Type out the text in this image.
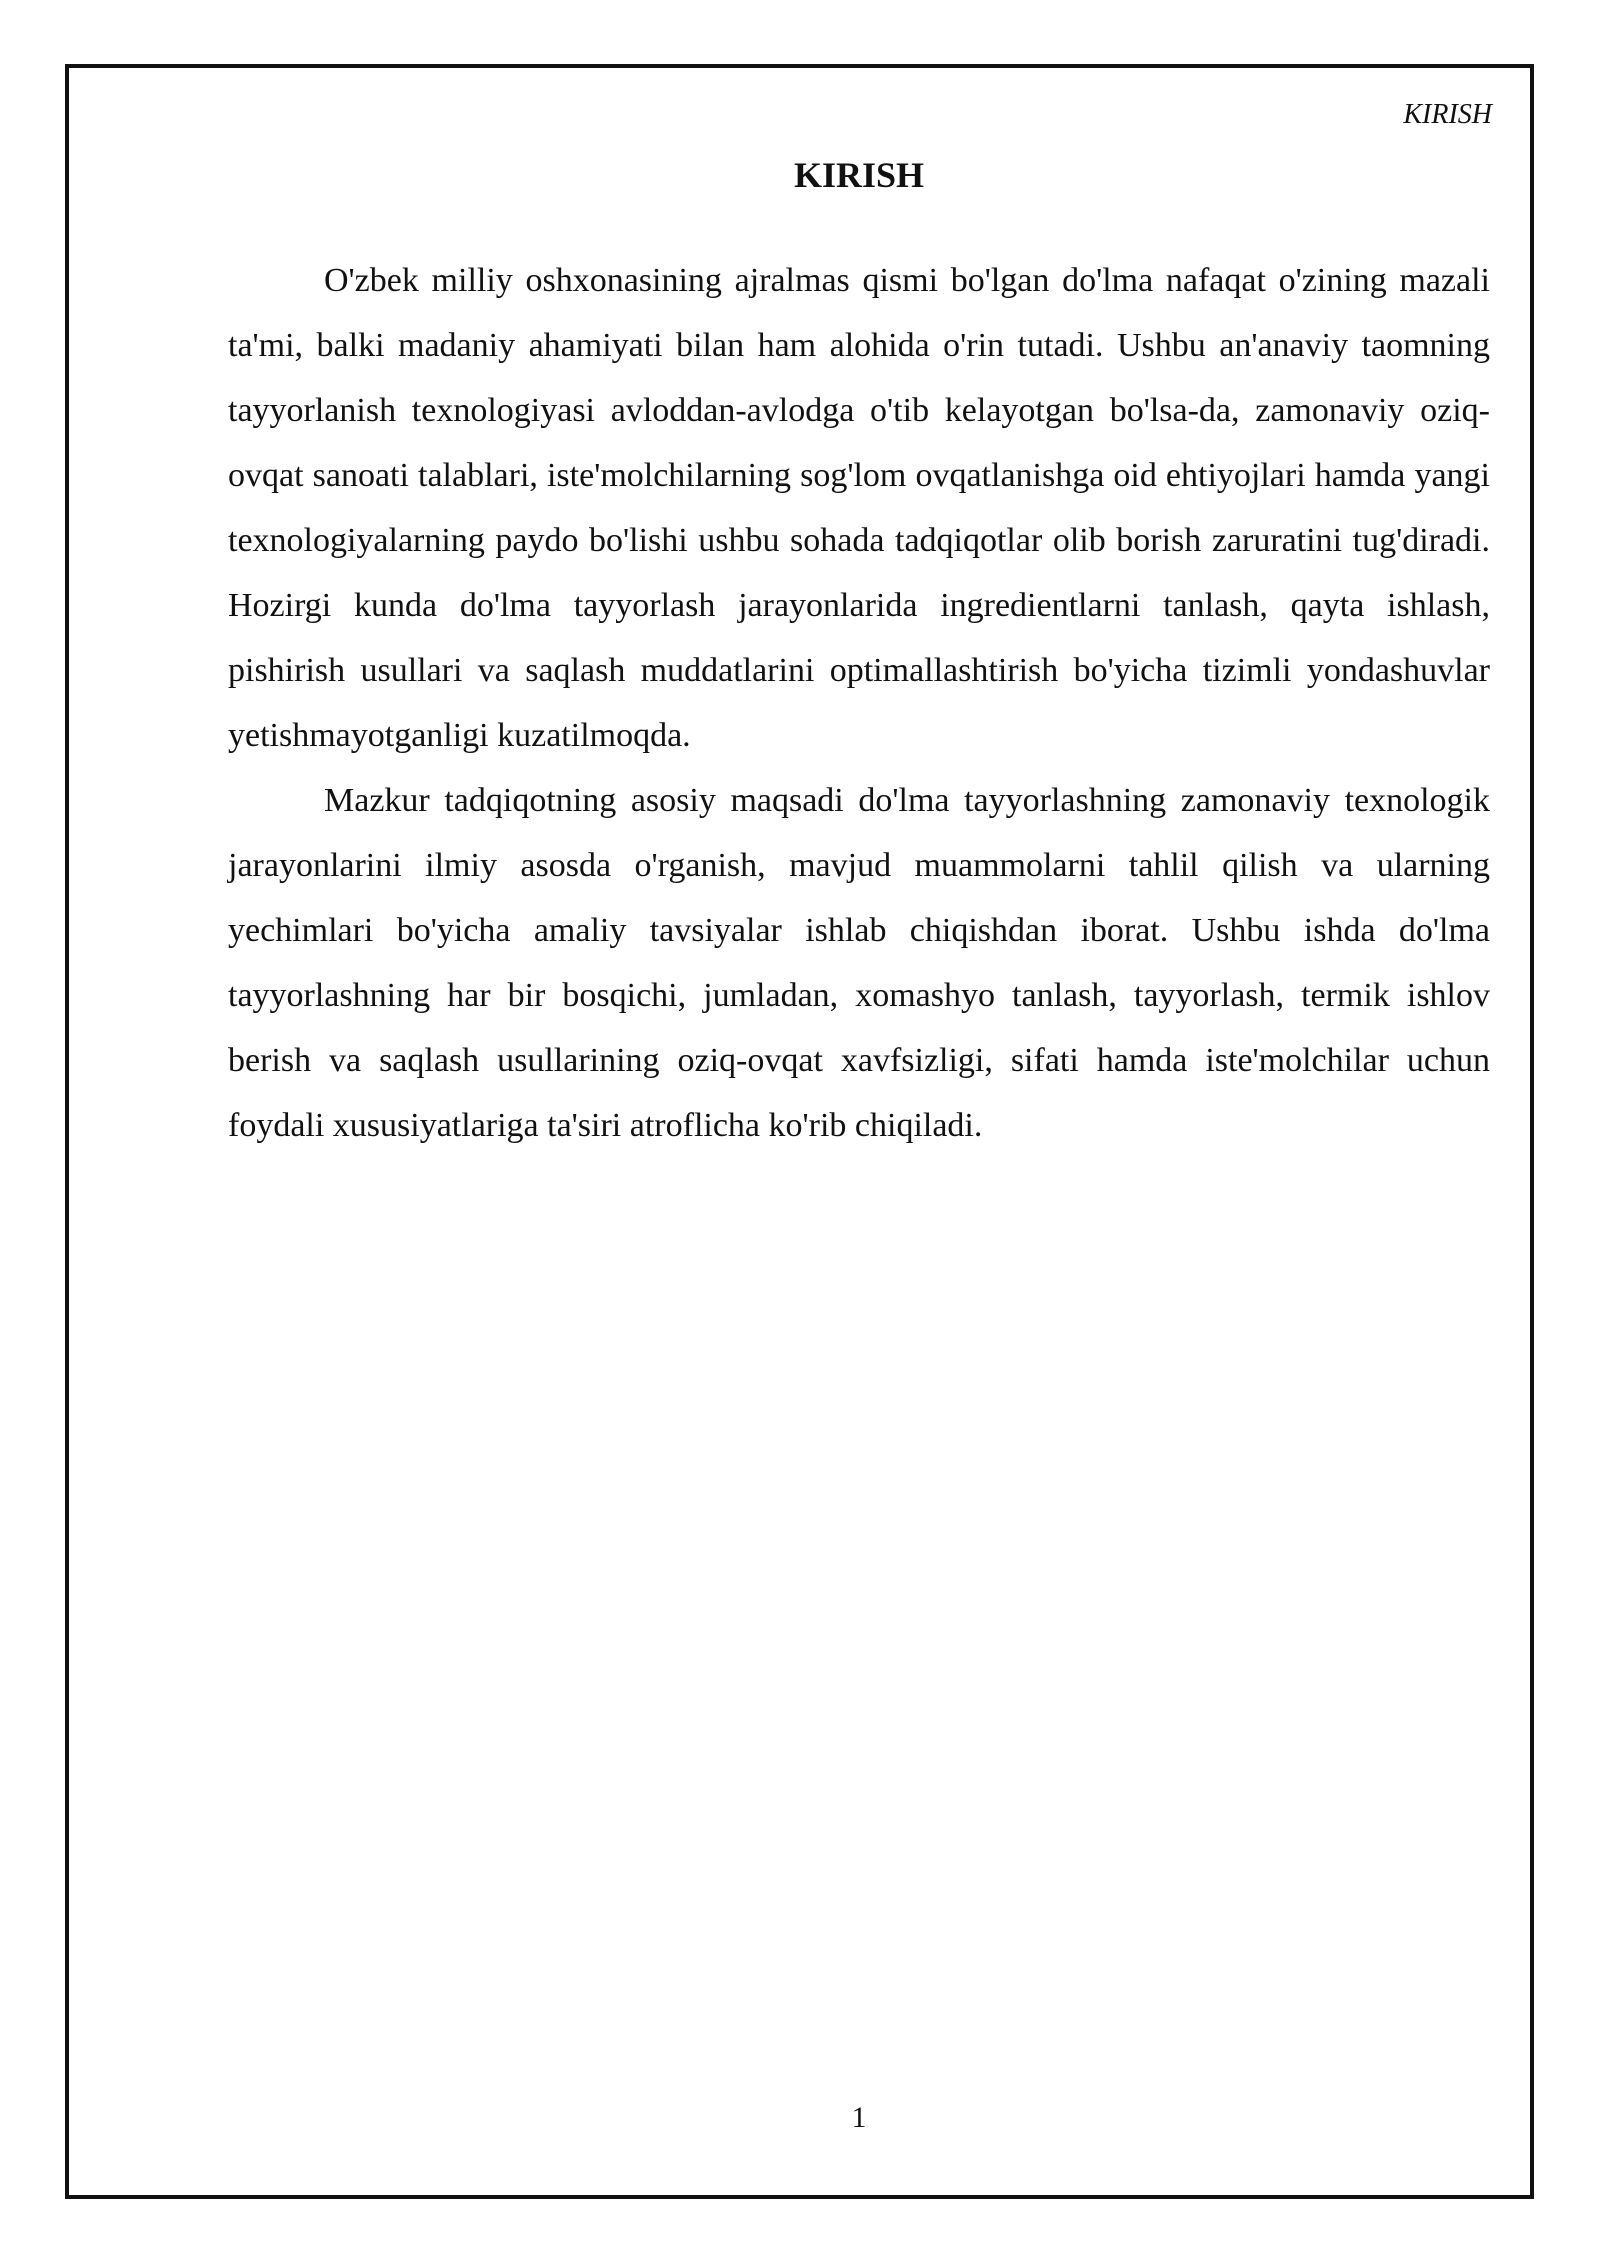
KIRISH
KIRISH

O'zbek milliy oshxonasining ajralmas qismi bo'lgan do'lma nafaqat o'zining mazali ta'mi, balki madaniy ahamiyati bilan ham alohida o'rin tutadi. Ushbu an'anaviy taomning tayyorlanish texnologiyasi avloddan-avlodga o'tib kelayotgan bo'lsa-da, zamonaviy oziq-ovqat sanoati talablari, iste'molchilarning sog'lom ovqatlanishga oid ehtiyojlari hamda yangi texnologiyalarning paydo bo'lishi ushbu sohada tadqiqotlar olib borish zaruratini tug'diradi. Hozirgi kunda do'lma tayyorlash jarayonlarida ingredientlarni tanlash, qayta ishlash, pishirish usullari va saqlash muddatlarini optimallashtirish bo'yicha tizimli yondashuvlar yetishmayotganligi kuzatilmoqda.

Mazkur tadqiqotning asosiy maqsadi do'lma tayyorlashning zamonaviy texnologik jarayonlarini ilmiy asosda o'rganish, mavjud muammolarni tahlil qilish va ularning yechimlari bo'yicha amaliy tavsiyalar ishlab chiqishdan iborat. Ushbu ishda do'lma tayyorlashning har bir bosqichi, jumladan, xomashyo tanlash, tayyorlash, termik ishlov berish va saqlash usullarining oziq-ovqat xavfsizligi, sifati hamda iste'molchilar uchun foydali xususiyatlariga ta'siri atroflicha ko'rib chiqiladi.

1
